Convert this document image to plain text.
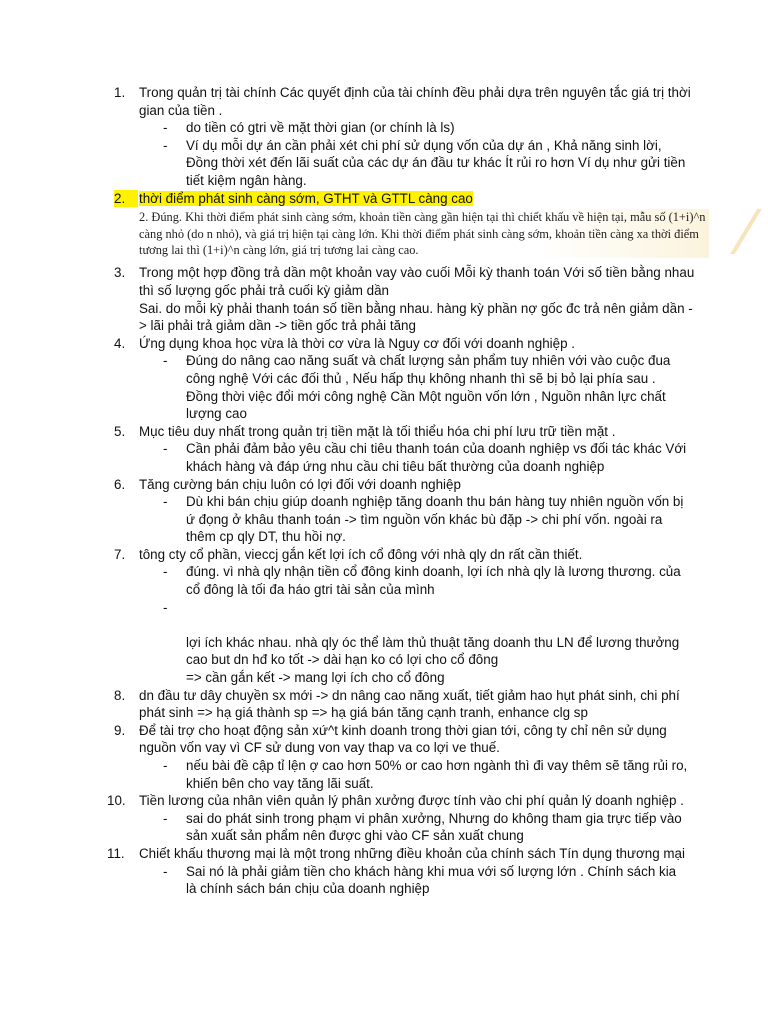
1.	Trong quản trị tài chính Các quyết định của tài chính đều phải dựa trên nguyên tắc giá trị thời gian của tiền .
- do tiền có gtri về mặt thời gian (or chính là ls)
- Ví dụ mỗi dự án cần phải xét chi phí sử dụng vốn của dự án , Khả năng sinh lời, Đồng thời xét đến lãi suất của các dự án đầu tư khác Ít rủi ro hơn Ví dụ như gửi tiền tiết kiệm ngân hàng.
2.	thời điểm phát sinh càng sớm, GTHT và GTTL càng cao
2. Đúng. Khi thời điểm phát sinh càng sớm, khoản tiền càng gần hiện tại thì chiết khấu về hiện tại, mẫu số (1+i)^n càng nhỏ (do n nhỏ), và giá trị hiện tại càng lớn. Khi thời điểm phát sinh càng sớm, khoản tiền càng xa thời điểm tương lai thì (1+i)^n càng lớn, giá trị tương lai càng cao.	⁄
3.	Trong một hợp đồng trả dần một khoản vay vào cuối Mỗi kỳ thanh toán Với số tiền bằng nhau thì số lượng gốc phải trả cuối kỳ giảm dần
Sai. do mỗi kỳ phải thanh toán số tiền bằng nhau. hàng kỳ phần nợ gốc đc trả nên giảm dần -> lãi phải trả giảm dần -> tiền gốc trả phải tăng
4.	Ứng dụng khoa học vừa là thời cơ vừa là Nguy cơ đối với doanh nghiệp .
- Đúng do nâng cao năng suất và chất lượng sản phẩm tuy nhiên với vào cuộc đua công nghệ Với các đối thủ , Nếu hấp thụ không nhanh thì sẽ bị bỏ lại phía sau . Đồng thời việc đổi mới công nghệ Cần Một nguồn vốn lớn , Nguồn nhân lực chất lượng cao
5.	Mục tiêu duy nhất trong quản trị tiền mặt là tối thiểu hóa chi phí lưu trữ tiền mặt .
- Cần phải đảm bảo yêu cầu chi tiêu thanh toán của doanh nghiệp vs đối tác khác Với khách hàng và đáp ứng nhu cầu chi tiêu bất thường của doanh nghiệp
6.	Tăng cường bán chịu luôn có lợi đối với doanh nghiệp
- Dù khi bán chịu giúp doanh nghiệp tăng doanh thu bán hàng tuy nhiên nguồn vốn bị ứ đọng ở khâu thanh toán -> tìm nguồn vốn khác bù đặp -> chi phí vốn. ngoài ra thêm cp qly DT, thu hồi nợ.
7.	tông cty cổ phần, vieccj gắn kết lợi ích cổ đông với nhà qly dn rất cần thiết.
- đúng. vì nhà qly nhận tiền cổ đông kinh doanh, lợi ích nhà qly là lương thương. của cổ đông là tối đa háo gtri tài sản của mình

-

lợi ích khác nhau. nhà qly óc thể làm thủ thuật tăng doanh thu LN để lương thưởng cao but dn hđ ko tốt -> dài hạn ko có lợi cho cổ đông
=> cần gắn kết -> mang lợi ích cho cổ đông

8.	dn đầu tư dây chuyền sx mới -> dn nâng cao năng xuất, tiết giảm hao hụt phát sinh, chi phí phát sinh => hạ giá thành sp => hạ giá bán tăng cạnh tranh, enhance clg sp
9.	Để tài trợ cho hoạt động sản xứ^t kinh doanh trong thời gian tới, công ty chỉ nên sử dụng nguồn vốn vay vì CF sử dung von vay thap va co lợi ve thuế.
- nếu bài đề cập tỉ lện ợ cao hơn 50% or cao hơn ngành thì đi vay thêm sẽ tăng rủi ro, khiến bên cho vay tăng lãi suất.
10. Tiền lương của nhân viên quản lý phân xưởng được tính vào chi phí quản lý doanh nghiệp .
- sai do phát sinh trong phạm vi phân xưởng, Nhưng do không tham gia trực tiếp vào sản xuất sản phẩm nên được ghi vào CF sản xuất chung
11.	Chiết khấu thương mại là một trong những điều khoản của chính sách Tín dụng thương mại
- Sai nó là phải giảm tiền cho khách hàng khi mua với số lượng lớn . Chính sách kia là chính sách bán chịu của doanh nghiệp
